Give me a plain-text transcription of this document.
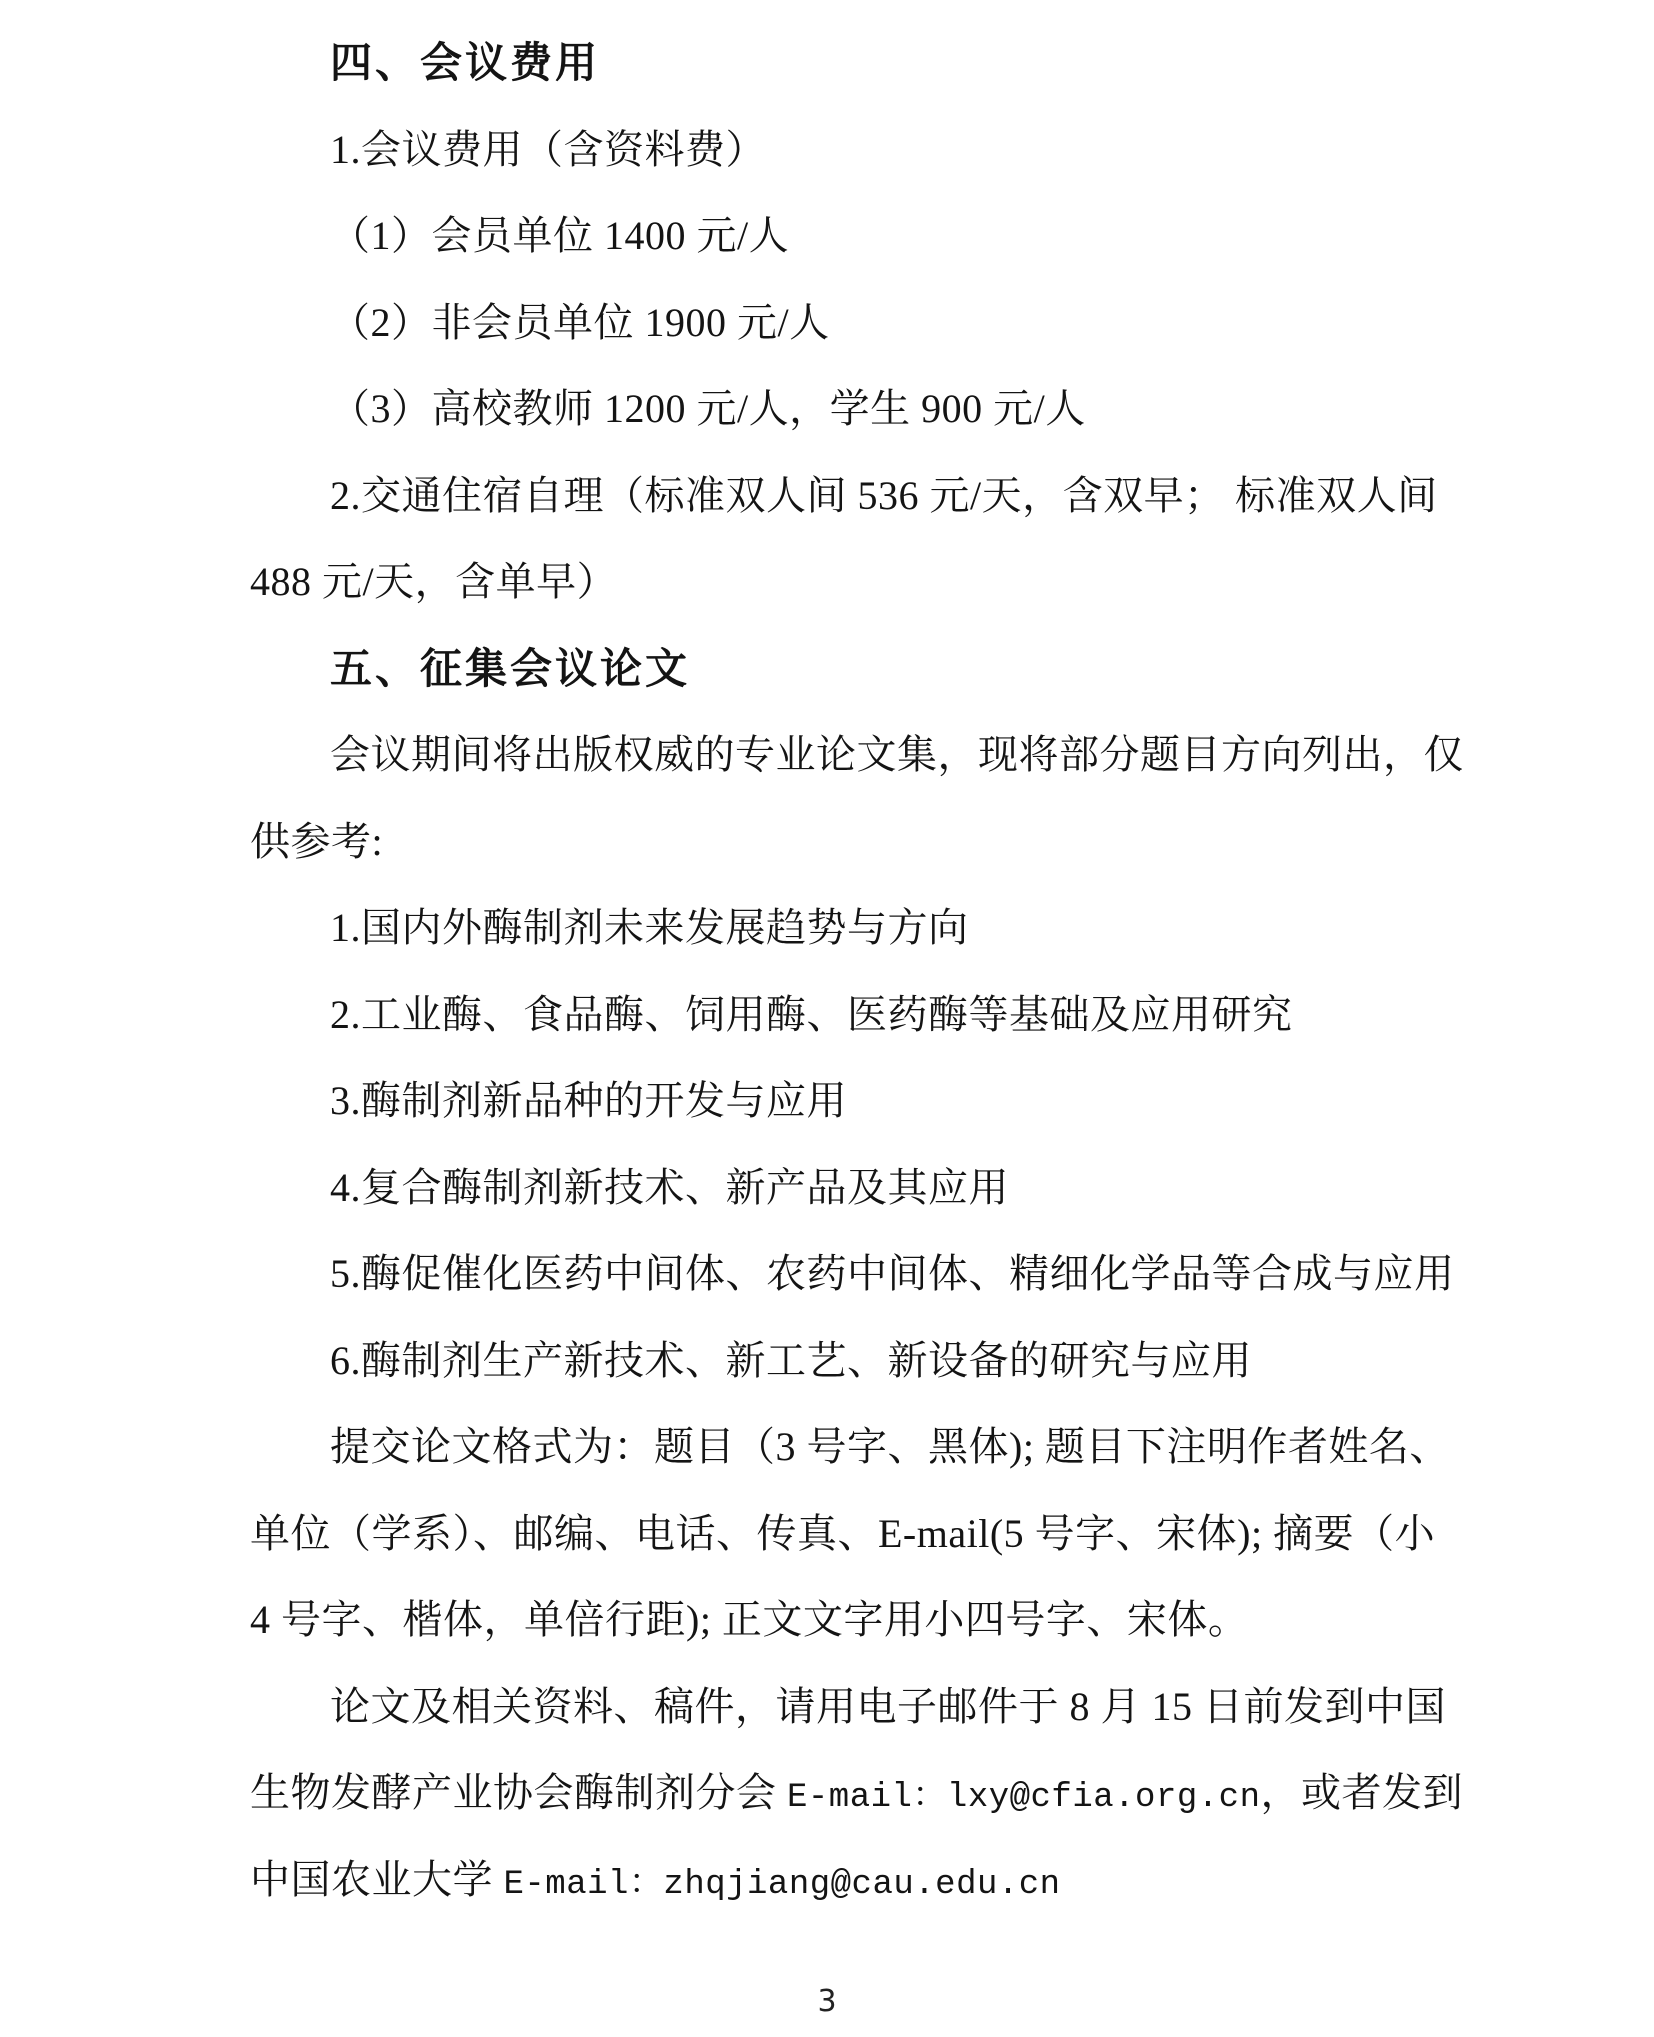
四、会议费用
1.会议费用（含资料费）
（1）会员单位 1400 元/人
（2）非会员单位 1900 元/人
（3）高校教师 1200 元/人，学生 900 元/人
2.交通住宿自理（标准双人间 536 元/天，含双早； 标准双人间
488 元/天，含单早）
五、征集会议论文
会议期间将出版权威的专业论文集，现将部分题目方向列出，仅
供参考:
1.国内外酶制剂未来发展趋势与方向
2.工业酶、食品酶、饲用酶、医药酶等基础及应用研究
3.酶制剂新品种的开发与应用
4.复合酶制剂新技术、新产品及其应用
5.酶促催化医药中间体、农药中间体、精细化学品等合成与应用
6.酶制剂生产新技术、新工艺、新设备的研究与应用
提交论文格式为：题目（3 号字、黑体); 题目下注明作者姓名、
单位（学系）、邮编、电话、传真、E-mail(5 号字、宋体); 摘要（小
4 号字、楷体，单倍行距); 正文文字用小四号字、宋体。
论文及相关资料、稿件，请用电子邮件于 8 月 15 日前发到中国
生物发酵产业协会酶制剂分会 E-mail：lxy@cfia.org.cn，或者发到
中国农业大学 E-mail：zhqjiang@cau.edu.cn
3
